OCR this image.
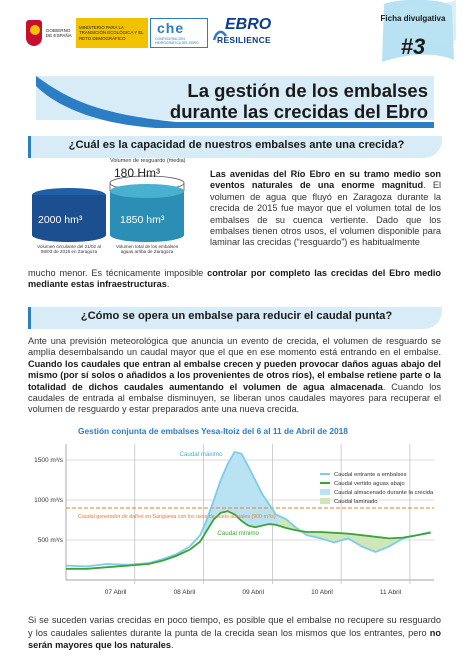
GOBIERNO DE ESPAÑA
MINISTERIO PARA LA TRANSICIÓN ECOLÓGICA Y EL RETO DEMOGRÁFICO
che
CONFEDERACIÓN HIDROGRÁFICA DEL EBRO
EBRO
RESILIENCE
Ficha divulgativa
#3
La gestión de los embalses
durante las crecidas del Ebro
¿Cuál es la capacidad de nuestros embalses ante una crecida?
Volumen de resguardo (media)
180 Hm³
2000 hm³	1850 hm³
Volumen circulante del 21/02 al 08/03 de 2015 en Zaragoza
Volumen total de los embalses aguas arriba de Zaragoza
Las avenidas del Río Ebro en su tramo medio son eventos naturales de una enorme magnitud. El volumen de agua que fluyó en Zaragoza durante la crecida de 2015 fue mayor que el volumen total de los embalses de su cuenca vertiente. Dado que los embalses tienen otros usos, el volumen disponible para laminar las crecidas (“resguardo”) es habitualmente
mucho menor. Es técnicamente imposible controlar por completo las crecidas del Ebro medio mediante estas infraestructuras.
¿Cómo se opera un embalse para reducir el caudal punta?
Ante una previsión meteorológica que anuncia un evento de crecida, el volumen de resguardo se amplía desembalsando un caudal mayor que el que en ese momento está entrando en el embalse. Cuando los caudales que entran al embalse crecen y pueden provocar daños aguas abajo del mismo (por sí solos o añadidos a los provenientes de otros ríos), el embalse retiene parte o la totalidad de dichos caudales aumentando el volumen de agua almacenada. Cuando los caudales de entrada al embalse disminuyen, se liberan unos caudales mayores para recuperar el volumen de resguardo y estar preparados ante una nueva crecida.
Gestión conjunta de embalses Yesa-Itoiz del 6 al 11 de Abril de 2018
500 m³/s
1000 m³/s
1500 m³/s
07 Abril	08 Abril	09 Abril	10 Abril	11 Abril
Caudal máximo
Caudal mínimo
Caudal generador de daños en Sangüesa con los usos de suelo actuales (900 m³/s)
Caudal entrante a embalses
Caudal vertido aguas abajo
Caudal almacenado durante la crecida
Caudal laminado
Si se suceden varias crecidas en poco tiempo, es posible que el embalse no recupere su resguardo y los caudales salientes durante la punta de la crecida sean los mismos que los entrantes, pero no serán mayores que los naturales.
